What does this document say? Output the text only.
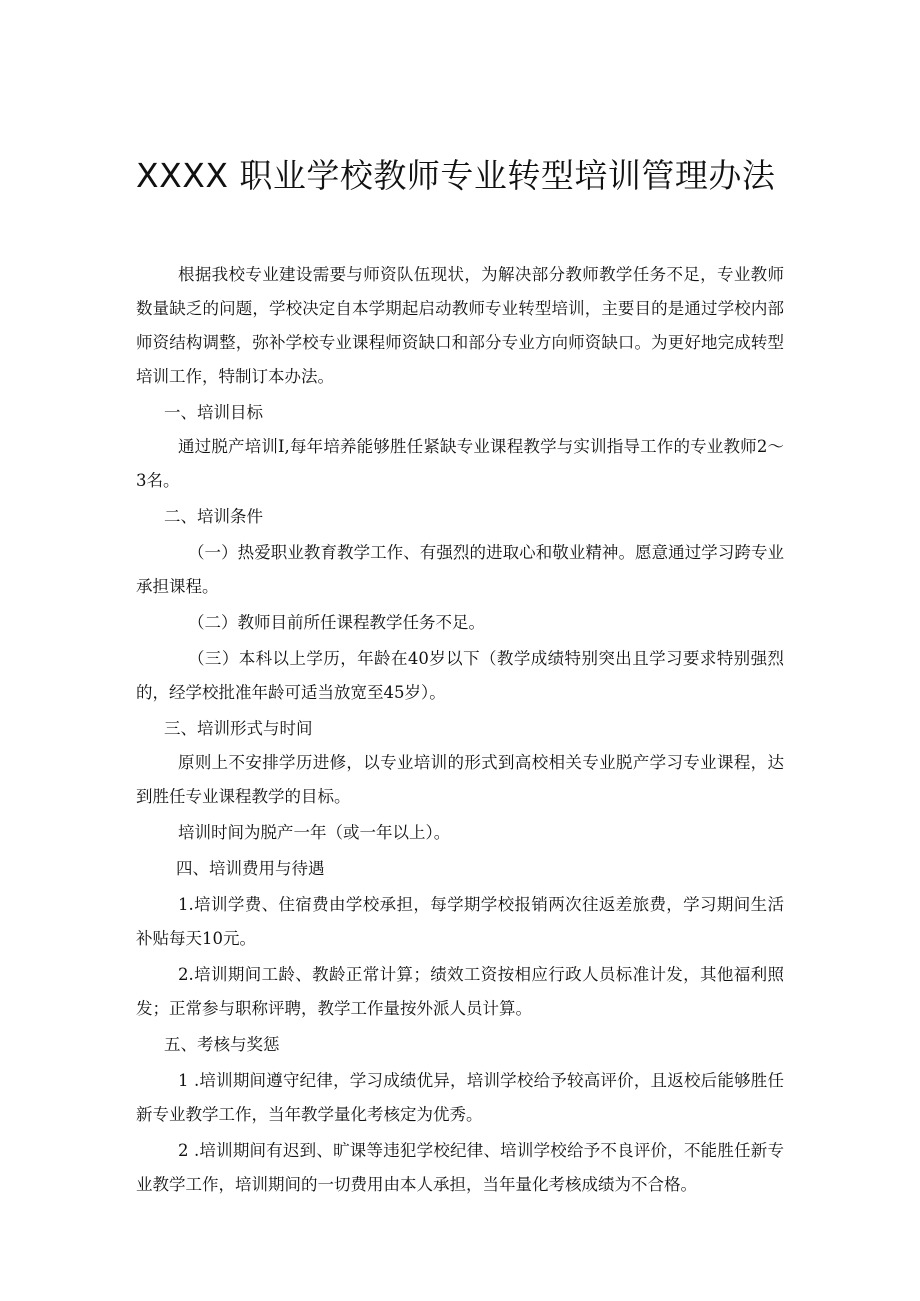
XXXX 职业学校教师专业转型培训管理办法

根据我校专业建设需要与师资队伍现状，为解决部分教师教学任务不足，专业教师数量缺乏的问题，学校决定自本学期起启动教师专业转型培训，主要目的是通过学校内部师资结构调整，弥补学校专业课程师资缺口和部分专业方向师资缺口。为更好地完成转型培训工作，特制订本办法。

一、培训目标

通过脱产培训I,每年培养能够胜任紧缺专业课程教学与实训指导工作的专业教师2～3名。

二、培训条件

（一）热爱职业教育教学工作、有强烈的进取心和敬业精神。愿意通过学习跨专业承担课程。

（二）教师目前所任课程教学任务不足。

（三）本科以上学历，年龄在40岁以下（教学成绩特别突出且学习要求特别强烈的，经学校批准年龄可适当放宽至45岁）。

三、培训形式与时间

原则上不安排学历进修，以专业培训的形式到高校相关专业脱产学习专业课程，达到胜任专业课程教学的目标。

培训时间为脱产一年（或一年以上）。

四、培训费用与待遇

1.培训学费、住宿费由学校承担，每学期学校报销两次往返差旅费，学习期间生活补贴每天10元。

2.培训期间工龄、教龄正常计算；绩效工资按相应行政人员标准计发，其他福利照发；正常参与职称评聘，教学工作量按外派人员计算。

五、考核与奖惩

1 .培训期间遵守纪律，学习成绩优异，培训学校给予较高评价，且返校后能够胜任新专业教学工作，当年教学量化考核定为优秀。

2 .培训期间有迟到、旷课等违犯学校纪律、培训学校给予不良评价，不能胜任新专业教学工作，培训期间的一切费用由本人承担，当年量化考核成绩为不合格。
